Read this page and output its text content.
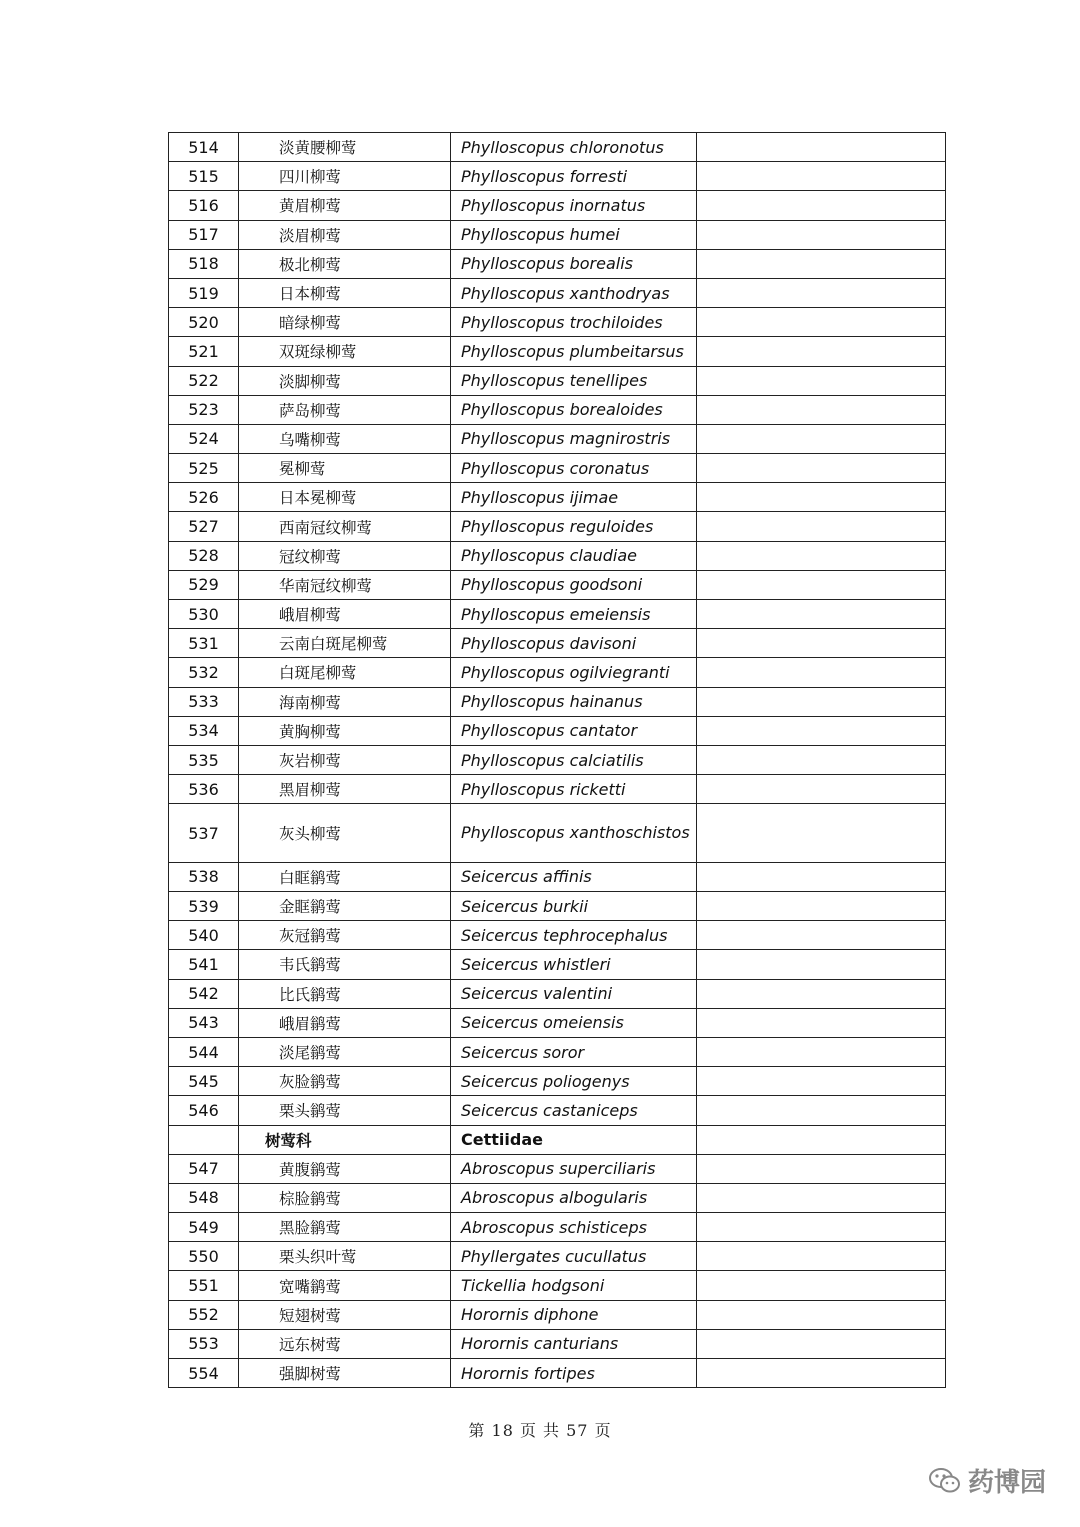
514	淡黄腰柳莺	Phylloscopus chloronotus	
515	四川柳莺	Phylloscopus forresti	
516	黄眉柳莺	Phylloscopus inornatus	
517	淡眉柳莺	Phylloscopus humei	
518	极北柳莺	Phylloscopus borealis	
519	日本柳莺	Phylloscopus xanthodryas	
520	暗绿柳莺	Phylloscopus trochiloides	
521	双斑绿柳莺	Phylloscopus plumbeitarsus	
522	淡脚柳莺	Phylloscopus tenellipes	
523	萨岛柳莺	Phylloscopus borealoides	
524	乌嘴柳莺	Phylloscopus magnirostris	
525	冕柳莺	Phylloscopus coronatus	
526	日本冕柳莺	Phylloscopus ijimae	
527	西南冠纹柳莺	Phylloscopus reguloides	
528	冠纹柳莺	Phylloscopus claudiae	
529	华南冠纹柳莺	Phylloscopus goodsoni	
530	峨眉柳莺	Phylloscopus emeiensis	
531	云南白斑尾柳莺	Phylloscopus davisoni	
532	白斑尾柳莺	Phylloscopus ogilviegranti	
533	海南柳莺	Phylloscopus hainanus	
534	黄胸柳莺	Phylloscopus cantator	
535	灰岩柳莺	Phylloscopus calciatilis	
536	黑眉柳莺	Phylloscopus ricketti	
537	灰头柳莺	Phylloscopus xanthoschistos	
538	白眶鹟莺	Seicercus affinis	
539	金眶鹟莺	Seicercus burkii	
540	灰冠鹟莺	Seicercus tephrocephalus	
541	韦氏鹟莺	Seicercus whistleri	
542	比氏鹟莺	Seicercus valentini	
543	峨眉鹟莺	Seicercus omeiensis	
544	淡尾鹟莺	Seicercus soror	
545	灰脸鹟莺	Seicercus poliogenys	
546	栗头鹟莺	Seicercus castaniceps	
	树莺科	Cettiidae	
547	黄腹鹟莺	Abroscopus superciliaris	
548	棕脸鹟莺	Abroscopus albogularis	
549	黑脸鹟莺	Abroscopus schisticeps	
550	栗头织叶莺	Phyllergates cucullatus	
551	宽嘴鹟莺	Tickellia hodgsoni	
552	短翅树莺	Horornis diphone	
553	远东树莺	Horornis canturians	
554	强脚树莺	Horornis fortipes	
第 18 页 共 57 页
药博园
